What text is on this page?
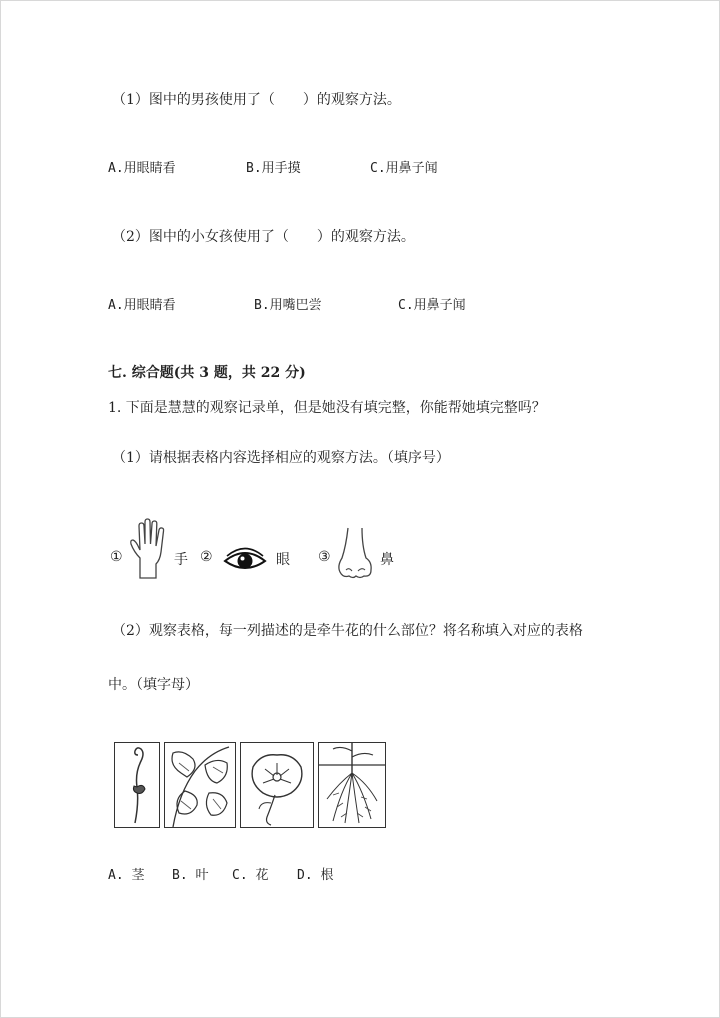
（1）图中的男孩使用了（　　）的观察方法。
A.用眼睛看	B.用手摸	C.用鼻子闻
（2）图中的小女孩使用了（　　）的观察方法。
A.用眼睛看	B.用嘴巴尝	C.用鼻子闻
七. 综合题(共 3 题，共 22 分)
1. 下面是慧慧的观察记录单，但是她没有填完整，你能帮她填完整吗？
（1）请根据表格内容选择相应的观察方法。（填序号）
①	手 ②	眼 ③	鼻
（2）观察表格，每一列描述的是牵牛花的什么部位？将名称填入对应的表格
中。（填字母）
A. 茎 B. 叶 C. 花 D. 根
